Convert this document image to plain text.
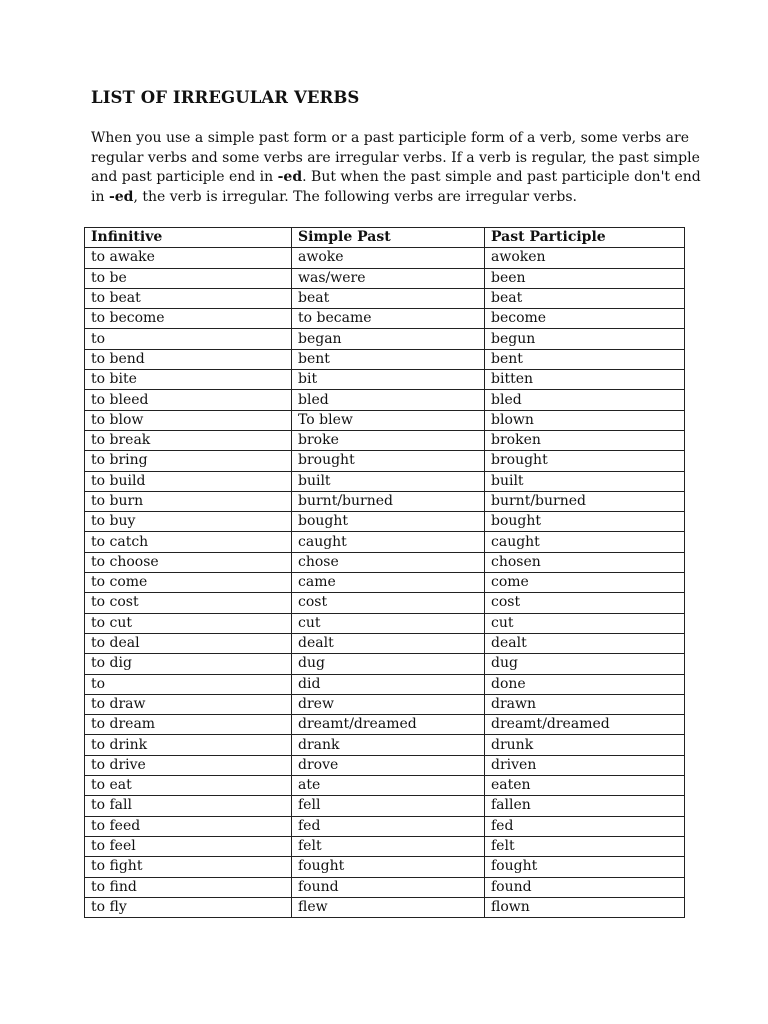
LIST OF IRREGULAR VERBS

When you use a simple past form or a past participle form of a verb, some verbs are

regular verbs and some verbs are irregular verbs. If a verb is regular, the past simple

and past participle end in -ed. But when the past simple and past participle don't end

in -ed, the verb is irregular. The following verbs are irregular verbs.

Infinitive	Simple Past	Past Participle
to awake	awoke	awoken
to be	was/were	been
to beat	beat	beat
to become	to became	become
to	began	begun
to bend	bent	bent
to bite	bit	bitten
to bleed	bled	bled
to blow	To blew	blown
to break	broke	broken
to bring	brought	brought
to build	built	built
to burn	burnt/burned	burnt/burned
to buy	bought	bought
to catch	caught	caught
to choose	chose	chosen
to come	came	come
to cost	cost	cost
to cut	cut	cut
to deal	dealt	dealt
to dig	dug	dug
to	did	done
to draw	drew	drawn
to dream	dreamt/dreamed	dreamt/dreamed
to drink	drank	drunk
to drive	drove	driven
to eat	ate	eaten
to fall	fell	fallen
to feed	fed	fed
to feel	felt	felt
to fight	fought	fought
to find	found	found
to fly	flew	flown
